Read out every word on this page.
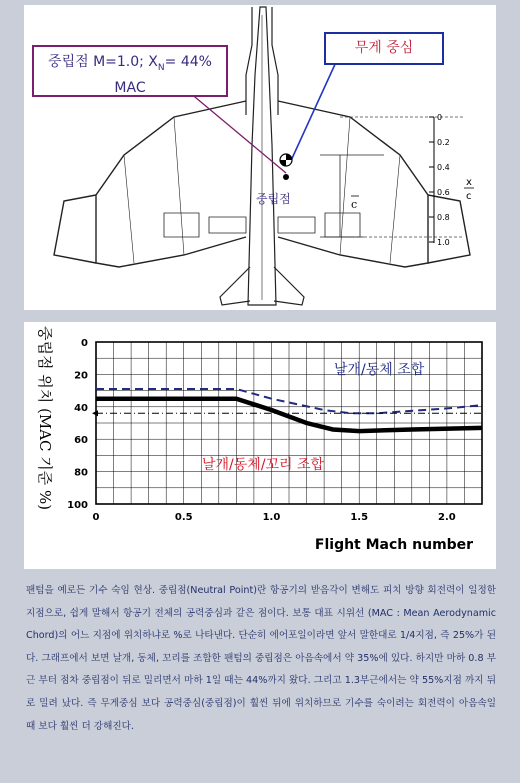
0
0.2
0.4
0.6
0.8
1.0
x
c
c
중립점
중립점 M=1.0; $X_N= 44\%$
MAC
무게 중심
0
20
40
60
80
100
0	0.5	1.0	1.5	2.0
Flight Mach number
중립점 위치 (MAC 기준 %)	날개/동체 조합
날개/동체/꼬리 조합

팬텀을 예로든 기수 숙임 현상. 중립점(Neutral Point)란 항공기의 받음각이 변해도 피치 방향 회전력이 일정한 지점으로, 쉽게 말해서 항공기 전체의 공력중심과 같은 점이다. 보통 대표 시위선 (MAC : Mean Aerodynamic Chord)의 어느 지점에 위치하냐로 %로 나타낸다. 단순히 에어포일이라면 앞서 말한대로 1/4지점, 즉 25%가 된다. 그래프에서 보면 날개, 동체, 꼬리를 조합한 팬텀의 중립점은 아음속에서 약 35%에 있다. 하지만 마하 0.8 부근 부터 점차 중립점이 뒤로 밀리면서 마하 1일 때는 44%까지 왔다. 그리고 1.3부근에서는 약 55%지점 까지 뒤로 밀려 났다. 즉 무게중심 보다 공력중심(중립점)이 훨씬 뒤에 위치하므로 기수를 숙이려는 회전력이 아음속일 때 보다 훨씬 더 강해진다.
